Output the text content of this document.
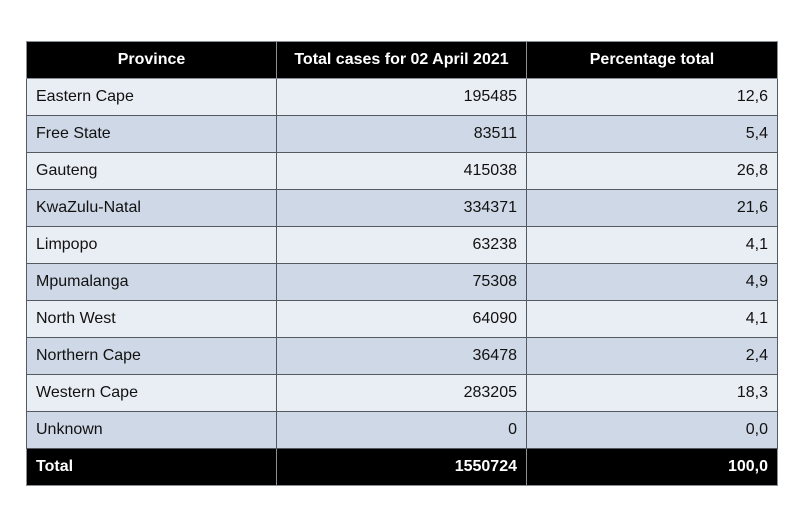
Province	Total cases for 02 April 2021	Percentage total
Eastern Cape	195485	12,6
Free State	83511	5,4
Gauteng	415038	26,8
KwaZulu-Natal	334371	21,6
Limpopo	63238	4,1
Mpumalanga	75308	4,9
North West	64090	4,1
Northern Cape	36478	2,4
Western Cape	283205	18,3
Unknown	0	0,0
Total	1550724	100,0
